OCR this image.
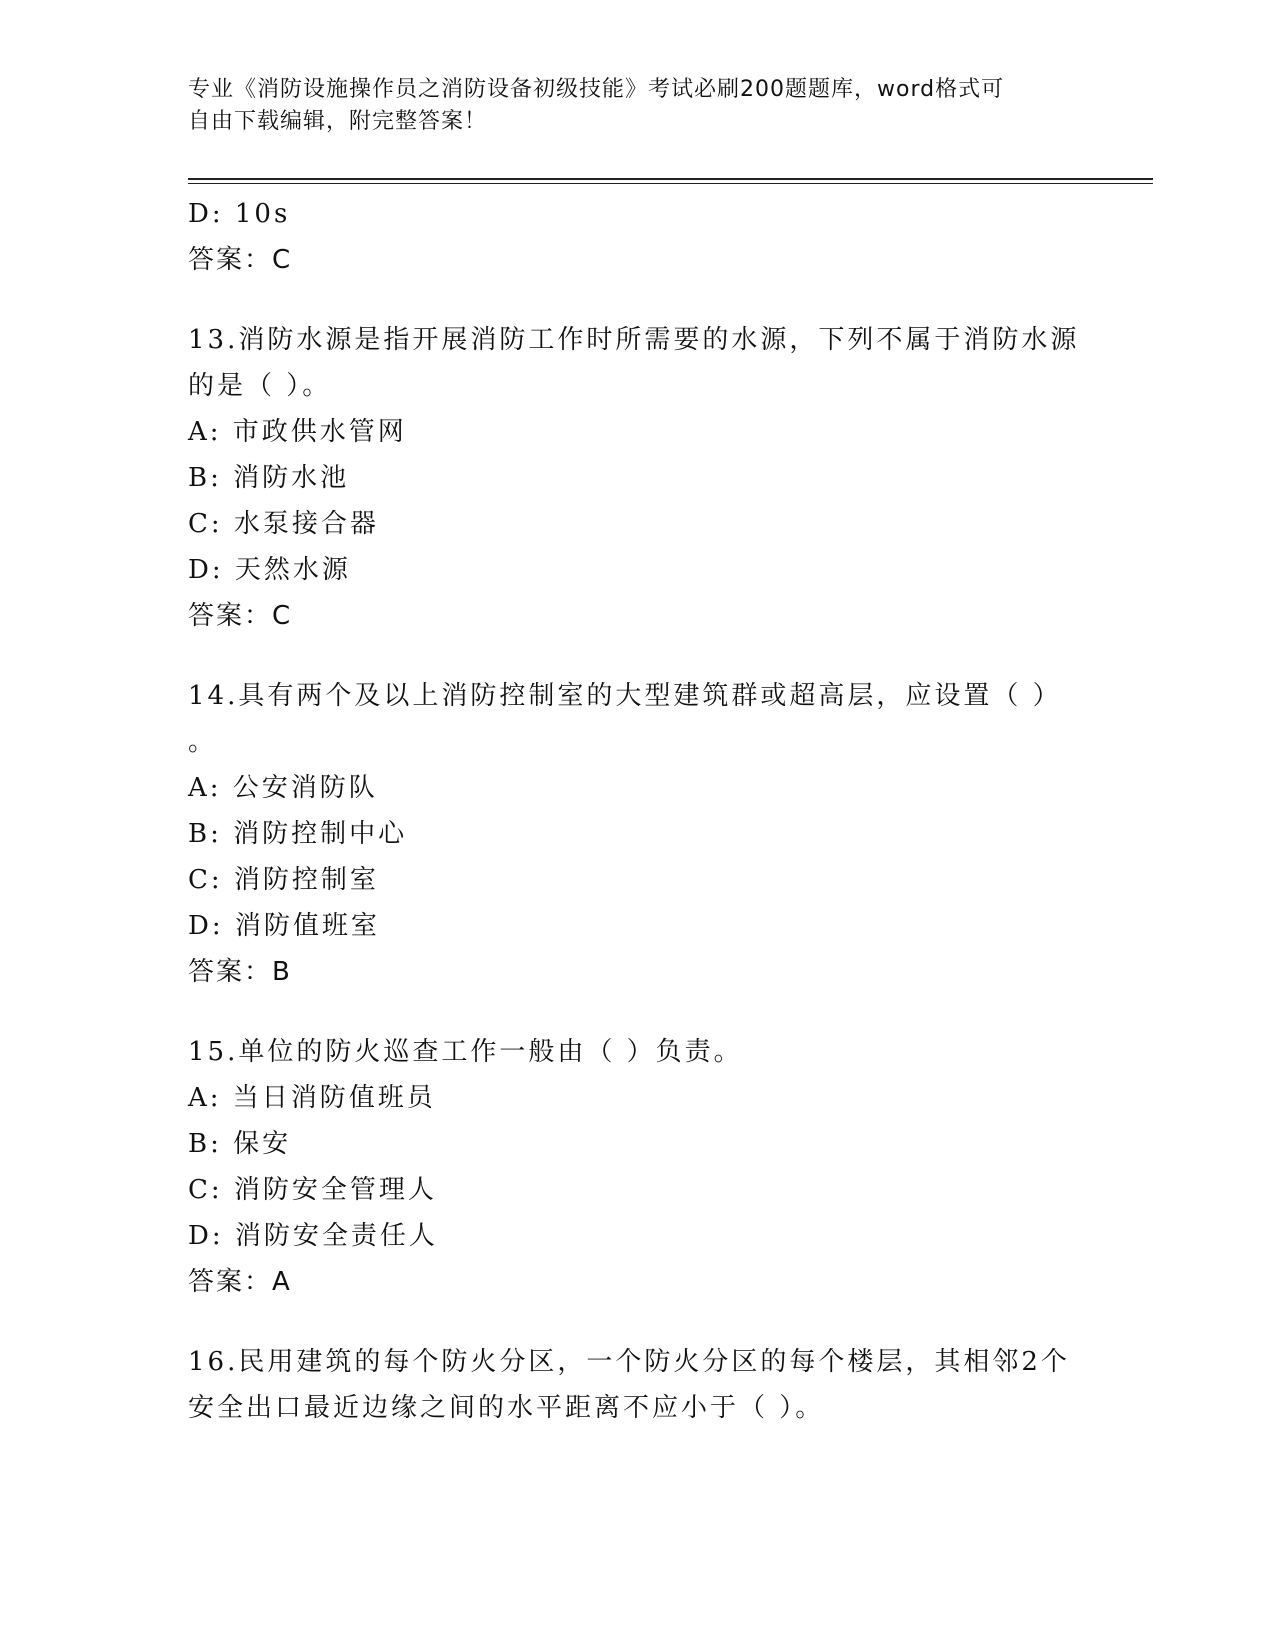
专业《消防设施操作员之消防设备初级技能》考试必刷200题题库，word格式可
自由下载编辑，附完整答案！
D: 10s
答案：C
13.消防水源是指开展消防工作时所需要的水源，下列不属于消防水源
的是（ ）。
A: 市政供水管网
B: 消防水池
C: 水泵接合器
D: 天然水源
答案：C
14.具有两个及以上消防控制室的大型建筑群或超高层，应设置（ ）
。
A: 公安消防队
B: 消防控制中心
C: 消防控制室
D: 消防值班室
答案：B
15.单位的防火巡查工作一般由（ ）负责。
A: 当日消防值班员
B: 保安
C: 消防安全管理人
D: 消防安全责任人
答案：A
16.民用建筑的每个防火分区，一个防火分区的每个楼层，其相邻2个
安全出口最近边缘之间的水平距离不应小于（ ）。
